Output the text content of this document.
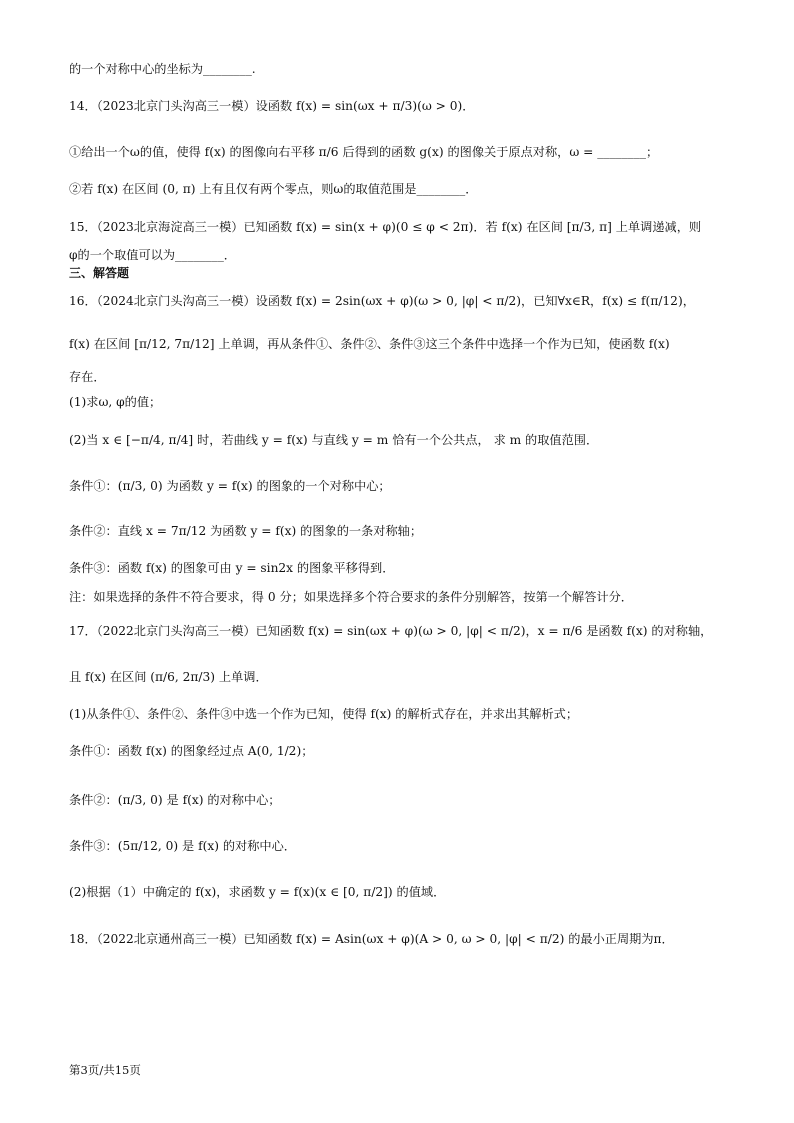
的一个对称中心的坐标为________.
14．（2023北京门头沟高三一模）设函数 f(x) = sin(ωx + π/3)(ω > 0)．
①给出一个ω的值，使得 f(x) 的图像向右平移 π/6 后得到的函数 g(x) 的图像关于原点对称，ω = ________；
②若 f(x) 在区间 (0, π) 上有且仅有两个零点，则ω的取值范围是________．
15．（2023北京海淀高三一模）已知函数 f(x) = sin(x + φ)(0 ≤ φ < 2π)．若 f(x) 在区间 [π/3, π] 上单调递减，则
φ的一个取值可以为________．
三、解答题
16．（2024北京门头沟高三一模）设函数 f(x) = 2sin(ωx + φ)(ω > 0, |φ| < π/2)，已知∀x∈R，f(x) ≤ f(π/12)，
f(x) 在区间 [π/12, 7π/12] 上单调，再从条件①、条件②、条件③这三个条件中选择一个作为已知，使函数 f(x)
存在．
(1)求ω, φ的值；
(2)当 x ∈ [−π/4, π/4] 时，若曲线 y = f(x) 与直线 y = m 恰有一个公共点， 求 m 的取值范围．
条件①：(π/3, 0) 为函数 y = f(x) 的图象的一个对称中心；
条件②：直线 x = 7π/12 为函数 y = f(x) 的图象的一条对称轴；
条件③：函数 f(x) 的图象可由 y = sin2x 的图象平移得到．
注：如果选择的条件不符合要求，得 0 分；如果选择多个符合要求的条件分别解答，按第一个解答计分．
17．（2022北京门头沟高三一模）已知函数 f(x) = sin(ωx + φ)(ω > 0, |φ| < π/2)，x = π/6 是函数 f(x) 的对称轴，
且 f(x) 在区间 (π/6, 2π/3) 上单调．
(1)从条件①、条件②、条件③中选一个作为已知，使得 f(x) 的解析式存在，并求出其解析式；
条件①：函数 f(x) 的图象经过点 A(0, 1/2)；
条件②：(π/3, 0) 是 f(x) 的对称中心；
条件③：(5π/12, 0) 是 f(x) 的对称中心．
(2)根据（1）中确定的 f(x)，求函数 y = f(x)(x ∈ [0, π/2]) 的值域．
18．（2022北京通州高三一模）已知函数 f(x) = Asin(ωx + φ)(A > 0, ω > 0, |φ| < π/2) 的最小正周期为π．
第3页/共15页
